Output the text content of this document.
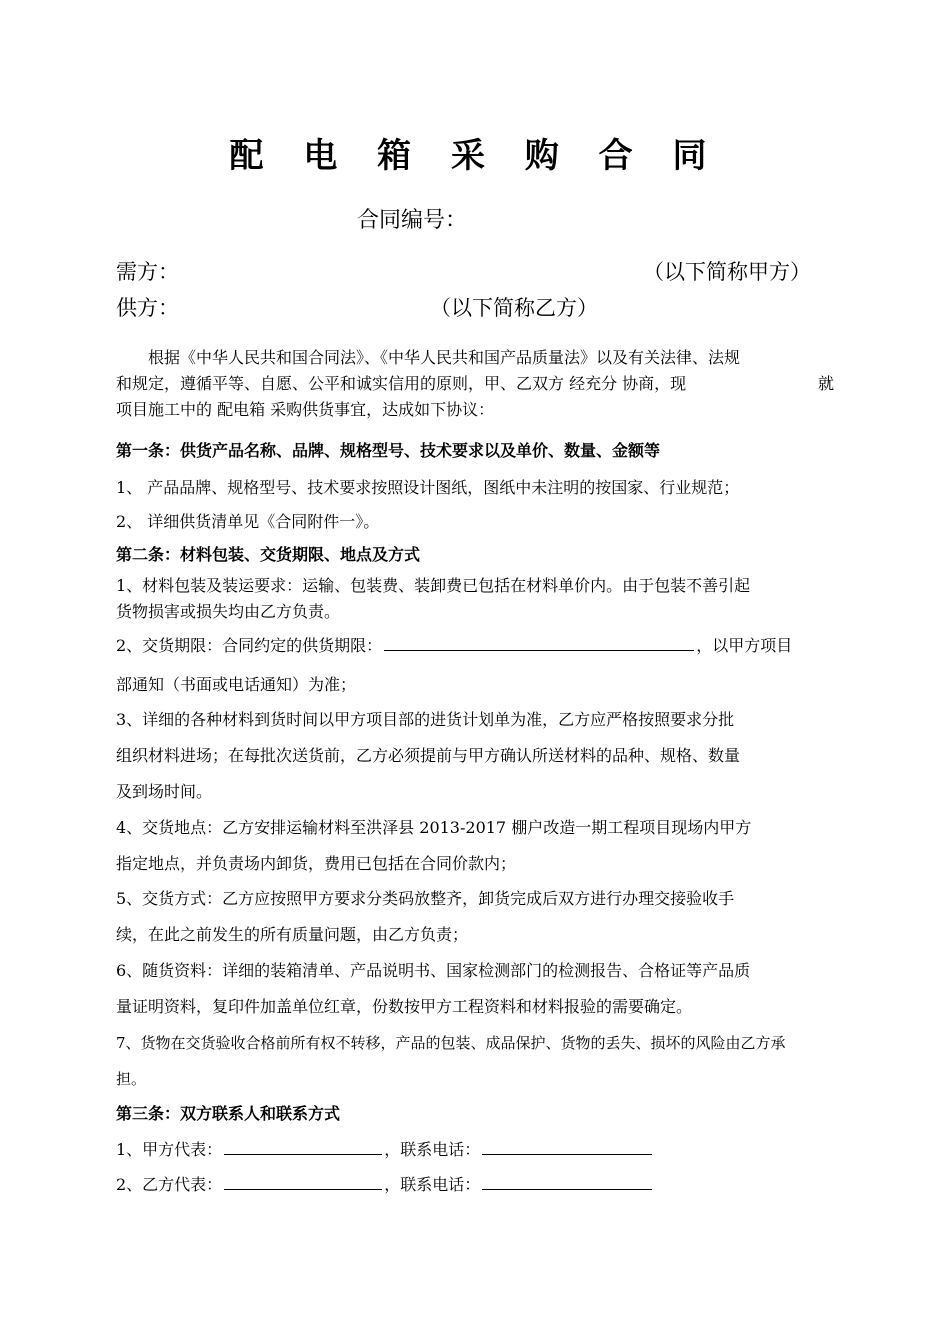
配 电 箱 采 购 合 同
合同编号：
需方：	（以下简称甲方）
供方：	（以下简称乙方）
根据《中华人民共和国合同法》、《中华人民共和国产品质量法》以及有关法律、法规
和规定，遵循平等、自愿、公平和诚实信用的原则，甲、乙双方 经充分 协商，现	就
项目施工中的 配电箱 采购供货事宜，达成如下协议：
第一条：供货产品名称、品牌、规格型号、技术要求以及单价、数量、金额等
1、 产品品牌、规格型号、技术要求按照设计图纸，图纸中未注明的按国家、行业规范；
2、 详细供货清单见《合同附件一》。
第二条：材料包装、交货期限、地点及方式
1、材料包装及装运要求：运输、包装费、装卸费已包括在材料单价内。由于包装不善引起
货物损害或损失均由乙方负责。
2、交货期限：合同约定的供货期限：	，以甲方项目
部通知（书面或电话通知）为准；
3、详细的各种材料到货时间以甲方项目部的进货计划单为准，乙方应严格按照要求分批
组织材料进场；在每批次送货前，乙方必须提前与甲方确认所送材料的品种、规格、数量
及到场时间。
4、交货地点：乙方安排运输材料至洪泽县 2013-2017 棚户改造一期工程项目现场内甲方
指定地点，并负责场内卸货，费用已包括在合同价款内；
5、交货方式：乙方应按照甲方要求分类码放整齐，卸货完成后双方进行办理交接验收手
续，在此之前发生的所有质量问题，由乙方负责；
6、随货资料：详细的装箱清单、产品说明书、国家检测部门的检测报告、合格证等产品质
量证明资料，复印件加盖单位红章，份数按甲方工程资料和材料报验的需要确定。
7、货物在交货验收合格前所有权不转移，产品的包装、成品保护、货物的丢失、损坏的风险由乙方承
担。
第三条：双方联系人和联系方式
1、甲方代表：	，联系电话：
2、乙方代表：	，联系电话：
